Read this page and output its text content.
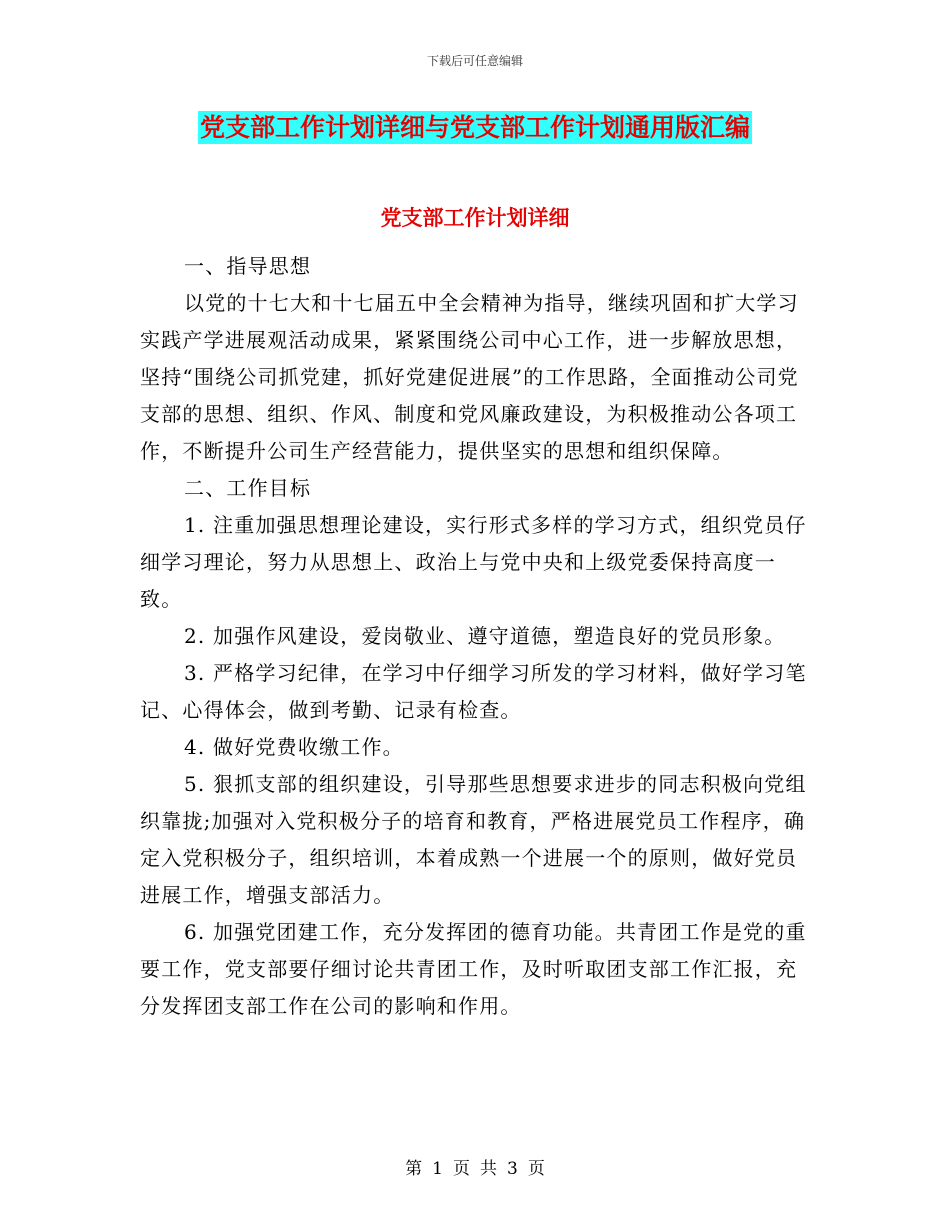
下载后可任意编辑
党支部工作计划详细与党支部工作计划通用版汇编
党支部工作计划详细

一、指导思想

以党的十七大和十七届五中全会精神为指导，继续巩固和扩大学习实践产学进展观活动成果，紧紧围绕公司中心工作，进一步解放思想，坚持“围绕公司抓党建，抓好党建促进展”的工作思路，全面推动公司党支部的思想、组织、作风、制度和党风廉政建设，为积极推动公各项工作，不断提升公司生产经营能力，提供坚实的思想和组织保障。

二、工作目标

1. 注重加强思想理论建设，实行形式多样的学习方式，组织党员仔细学习理论，努力从思想上、政治上与党中央和上级党委保持高度一致。

2. 加强作风建设，爱岗敬业、遵守道德，塑造良好的党员形象。

3. 严格学习纪律，在学习中仔细学习所发的学习材料，做好学习笔记、心得体会，做到考勤、记录有检查。

4. 做好党费收缴工作。

5. 狠抓支部的组织建设，引导那些思想要求进步的同志积极向党组织靠拢;加强对入党积极分子的培育和教育，严格进展党员工作程序，确定入党积极分子，组织培训，本着成熟一个进展一个的原则，做好党员进展工作，增强支部活力。

6. 加强党团建工作，充分发挥团的德育功能。共青团工作是党的重要工作，党支部要仔细讨论共青团工作，及时听取团支部工作汇报，充分发挥团支部工作在公司的影响和作用。

第 1 页 共 3 页
